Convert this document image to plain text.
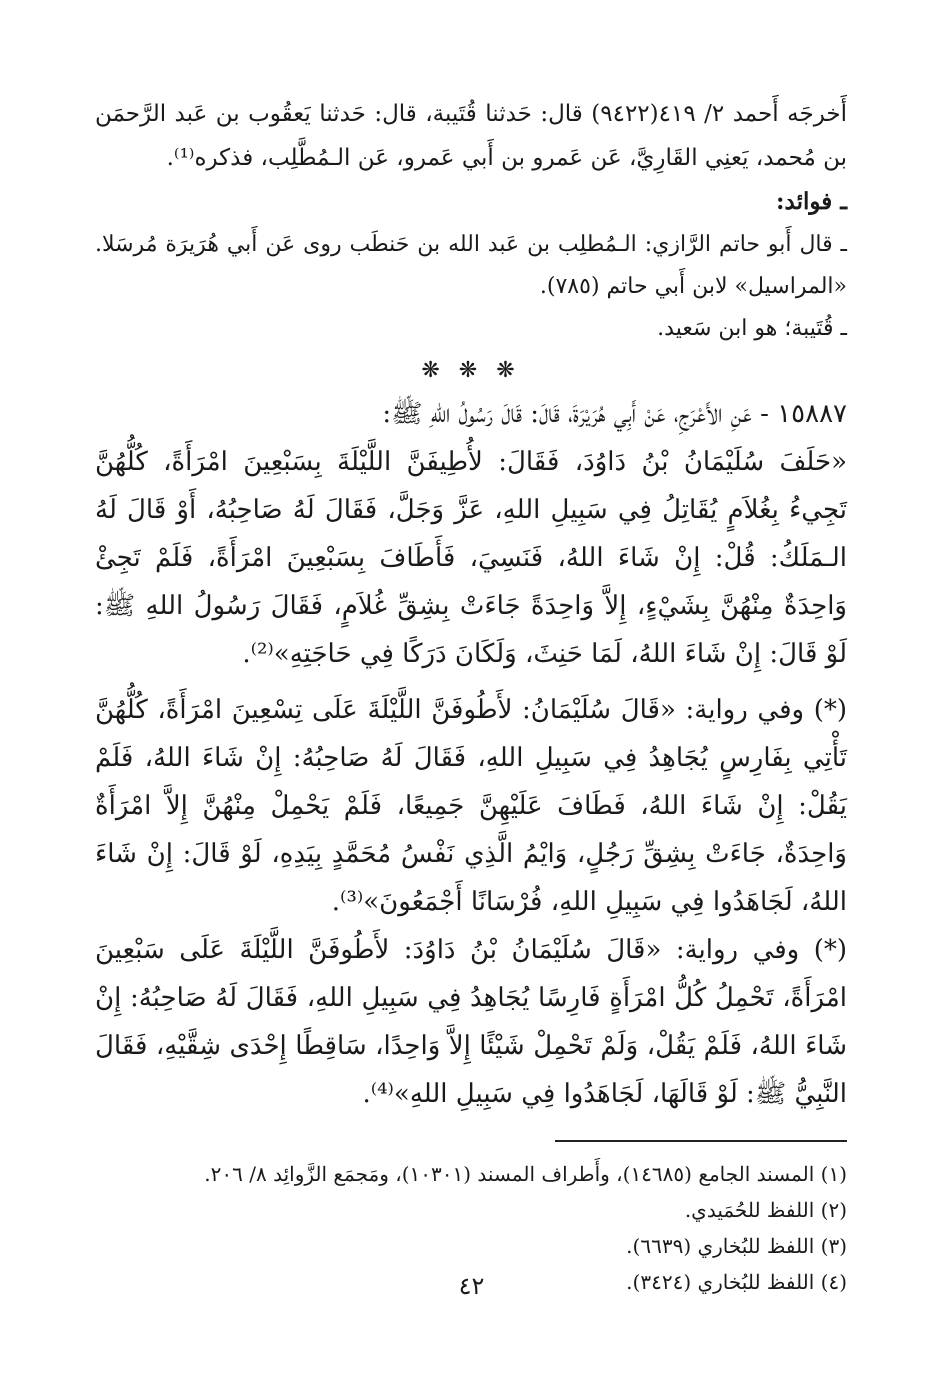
أَخرجَه أَحمد ٢/ ٤١٩(٩٤٢٢) قال: حَدثنا قُتَيبة، قال: حَدثنا يَعقُوب بن عَبد الرَّحمَن بن مُحمد، يَعنِي القَارِيَّ، عَن عَمرو بن أَبي عَمرو، عَن الـمُطَّلِب، فذكره⁽¹⁾.

ـ فوائد:

ـ قال أَبو حاتم الرَّازي: الـمُطلِب بن عَبد الله بن حَنطَب روى عَن أَبي هُرَيرَة مُرسَلا. «المراسيل» لابن أَبي حاتم (٧٨٥).

ـ قُتَيبة؛ هو ابن سَعيد.

❋ ❋ ❋

١٥٨٨٧ - عَنِ الأَعْرَجِ، عَنْ أَبِي هُرَيْرَةَ، قَالَ: قَالَ رَسُولُ اللهِ ﷺ:

«حَلَفَ سُلَيْمَانُ بْنُ دَاوُدَ، فَقَالَ: لأُطِيفَنَّ اللَّيْلَةَ بِسَبْعِينَ امْرَأَةً، كُلُّهُنَّ تَجِيءُ بِغُلاَمٍ يُقَاتِلُ فِي سَبِيلِ اللهِ، عَزَّ وَجَلَّ، فَقَالَ لَهُ صَاحِبُهُ، أَوْ قَالَ لَهُ الـمَلَكُ: قُلْ: إِنْ شَاءَ اللهُ، فَنَسِيَ، فَأَطَافَ بِسَبْعِينَ امْرَأَةً، فَلَمْ تَجِئْ وَاحِدَةٌ مِنْهُنَّ بِشَيْءٍ، إِلاَّ وَاحِدَةً جَاءَتْ بِشِقِّ غُلاَمٍ، فَقَالَ رَسُولُ اللهِ ﷺ: لَوْ قَالَ: إِنْ شَاءَ اللهُ، لَمَا حَنِثَ، وَلَكَانَ دَرَكًا فِي حَاجَتِهِ»⁽²⁾.

(*) وفي رواية: «قَالَ سُلَيْمَانُ: لأَطُوفَنَّ اللَّيْلَةَ عَلَى تِسْعِينَ امْرَأَةً، كُلُّهُنَّ تَأْتِي بِفَارِسٍ يُجَاهِدُ فِي سَبِيلِ اللهِ، فَقَالَ لَهُ صَاحِبُهُ: إِنْ شَاءَ اللهُ، فَلَمْ يَقُلْ: إِنْ شَاءَ اللهُ، فَطَافَ عَلَيْهِنَّ جَمِيعًا، فَلَمْ يَحْمِلْ مِنْهُنَّ إِلاَّ امْرَأَةٌ وَاحِدَةٌ، جَاءَتْ بِشِقِّ رَجُلٍ، وَايْمُ الَّذِي نَفْسُ مُحَمَّدٍ بِيَدِهِ، لَوْ قَالَ: إِنْ شَاءَ اللهُ، لَجَاهَدُوا فِي سَبِيلِ اللهِ، فُرْسَانًا أَجْمَعُونَ»⁽³⁾.

(*) وفي رواية: «قَالَ سُلَيْمَانُ بْنُ دَاوُدَ: لأَطُوفَنَّ اللَّيْلَةَ عَلَى سَبْعِينَ امْرَأَةً، تَحْمِلُ كُلُّ امْرَأَةٍ فَارِسًا يُجَاهِدُ فِي سَبِيلِ اللهِ، فَقَالَ لَهُ صَاحِبُهُ: إِنْ شَاءَ اللهُ، فَلَمْ يَقُلْ، وَلَمْ تَحْمِلْ شَيْئًا إِلاَّ وَاحِدًا، سَاقِطًا إِحْدَى شِقَّيْهِ، فَقَالَ النَّبِيُّ ﷺ: لَوْ قَالَهَا، لَجَاهَدُوا فِي سَبِيلِ اللهِ»⁽⁴⁾.

(١) المسند الجامع (١٤٦٨٥)، وأَطراف المسند (١٠٣٠١)، ومَجمَع الزَّوائِد ٨/ ٢٠٦.

(٢) اللفظ للحُمَيدي.

(٣) اللفظ للبُخاري (٦٦٣٩).

(٤) اللفظ للبُخاري (٣٤٢٤).

٤٢
